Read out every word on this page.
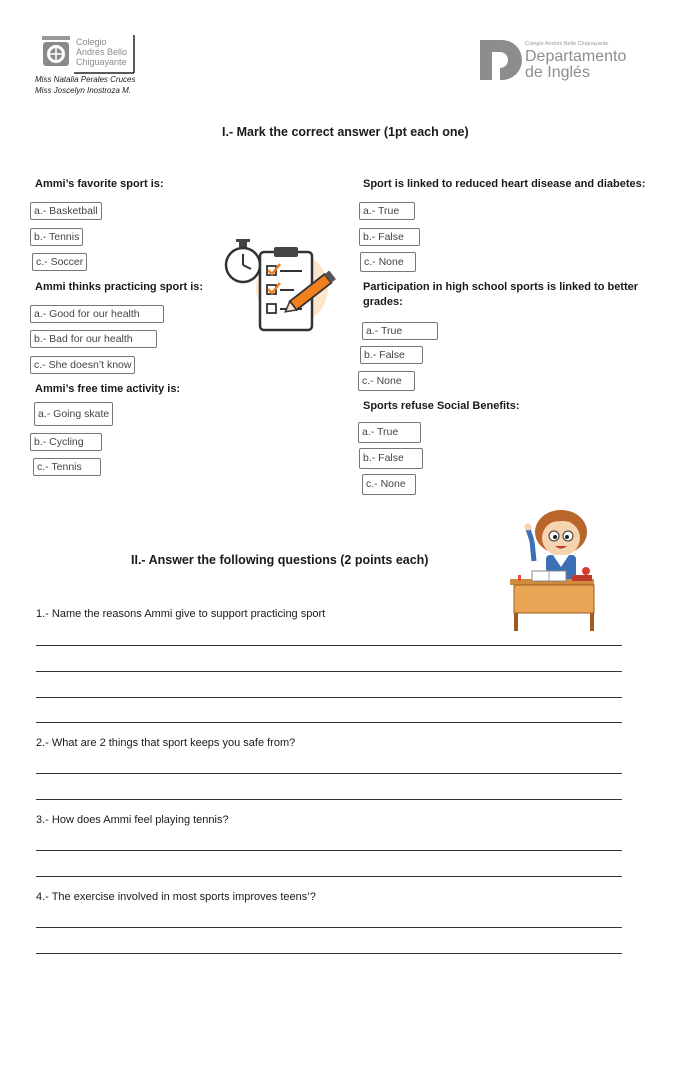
Colegio
Andrés Bello
Chiguayante
Miss Natalia Perales Cruces
Miss Joscelyn Inostroza M.
Colegio Andrés Bello Chiguayante
Departamento
de Inglés
I.- Mark the correct answer (1pt each one)
Ammi’s favorite sport is:
a.- Basketball
b.- Tennis
c.- Soccer
Ammi thinks practicing sport is:
a.- Good for our health
b.- Bad for our health
c.- She doesn’t know
Ammi’s free time activity is:
a.- Going skate
b.- Cycling
c.- Tennis
Sport is linked to reduced heart disease and diabetes:
a.- True
b.- False
c.- None
Participation in high school sports is linked to better
grades:
a.- True
b.- False
c.- None
Sports refuse Social Benefits:
a.- True
b.- False
c.- None
II.- Answer the following questions (2 points each)
1.- Name the reasons Ammi give to support practicing sport
2.- What are 2 things that sport keeps you safe from?
3.- How does Ammi feel playing tennis?
4.- The exercise involved in most sports improves teens’?
